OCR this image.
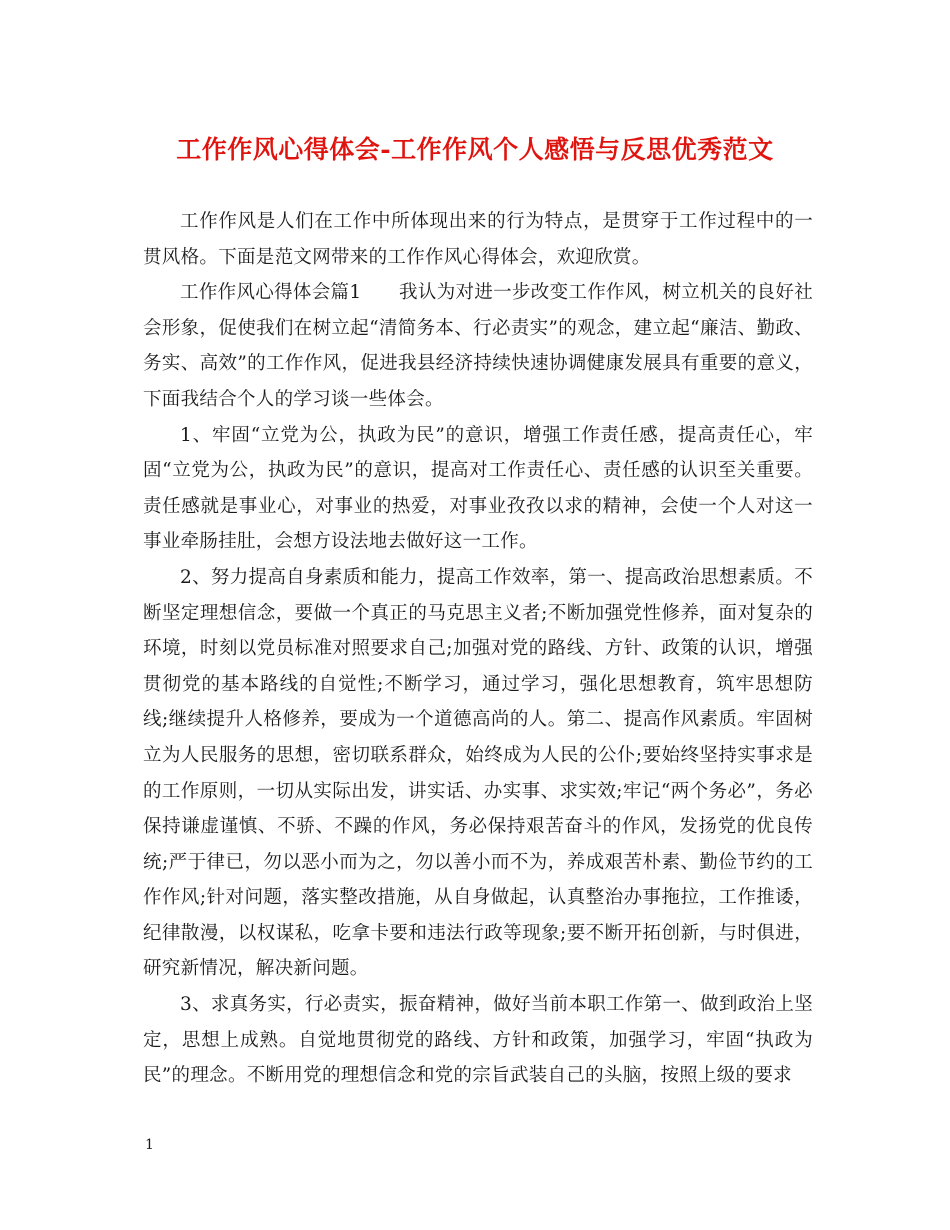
工作作风心得体会-工作作风个人感悟与反思优秀范文

工作作风是人们在工作中所体现出来的行为特点，是贯穿于工作过程中的一贯风格。下面是范文网带来的工作作风心得体会，欢迎欣赏。

工作作风心得体会篇1　　我认为对进一步改变工作作风，树立机关的良好社会形象，促使我们在树立起“清简务本、行必责实”的观念，建立起“廉洁、勤政、务实、高效”的工作作风，促进我县经济持续快速协调健康发展具有重要的意义，下面我结合个人的学习谈一些体会。

1、牢固“立党为公，执政为民”的意识，增强工作责任感，提高责任心，牢固“立党为公，执政为民”的意识，提高对工作责任心、责任感的认识至关重要。责任感就是事业心，对事业的热爱，对事业孜孜以求的精神，会使一个人对这一事业牵肠挂肚，会想方设法地去做好这一工作。

2、努力提高自身素质和能力，提高工作效率，第一、提高政治思想素质。不断坚定理想信念，要做一个真正的马克思主义者;不断加强党性修养，面对复杂的环境，时刻以党员标准对照要求自己;加强对党的路线、方针、政策的认识，增强贯彻党的基本路线的自觉性;不断学习，通过学习，强化思想教育，筑牢思想防线;继续提升人格修养，要成为一个道德高尚的人。第二、提高作风素质。牢固树立为人民服务的思想，密切联系群众，始终成为人民的公仆;要始终坚持实事求是的工作原则，一切从实际出发，讲实话、办实事、求实效;牢记“两个务必”，务必保持谦虚谨慎、不骄、不躁的作风，务必保持艰苦奋斗的作风，发扬党的优良传统;严于律已，勿以恶小而为之，勿以善小而不为，养成艰苦朴素、勤俭节约的工作作风;针对问题，落实整改措施，从自身做起，认真整治办事拖拉，工作推诿，纪律散漫，以权谋私，吃拿卡要和违法行政等现象;要不断开拓创新，与时俱进，研究新情况，解决新问题。

3、求真务实，行必责实，振奋精神，做好当前本职工作第一、做到政治上坚定，思想上成熟。自觉地贯彻党的路线、方针和政策，加强学习，牢固“执政为民”的理念。不断用党的理想信念和党的宗旨武装自己的头脑，按照上级的要求

1
